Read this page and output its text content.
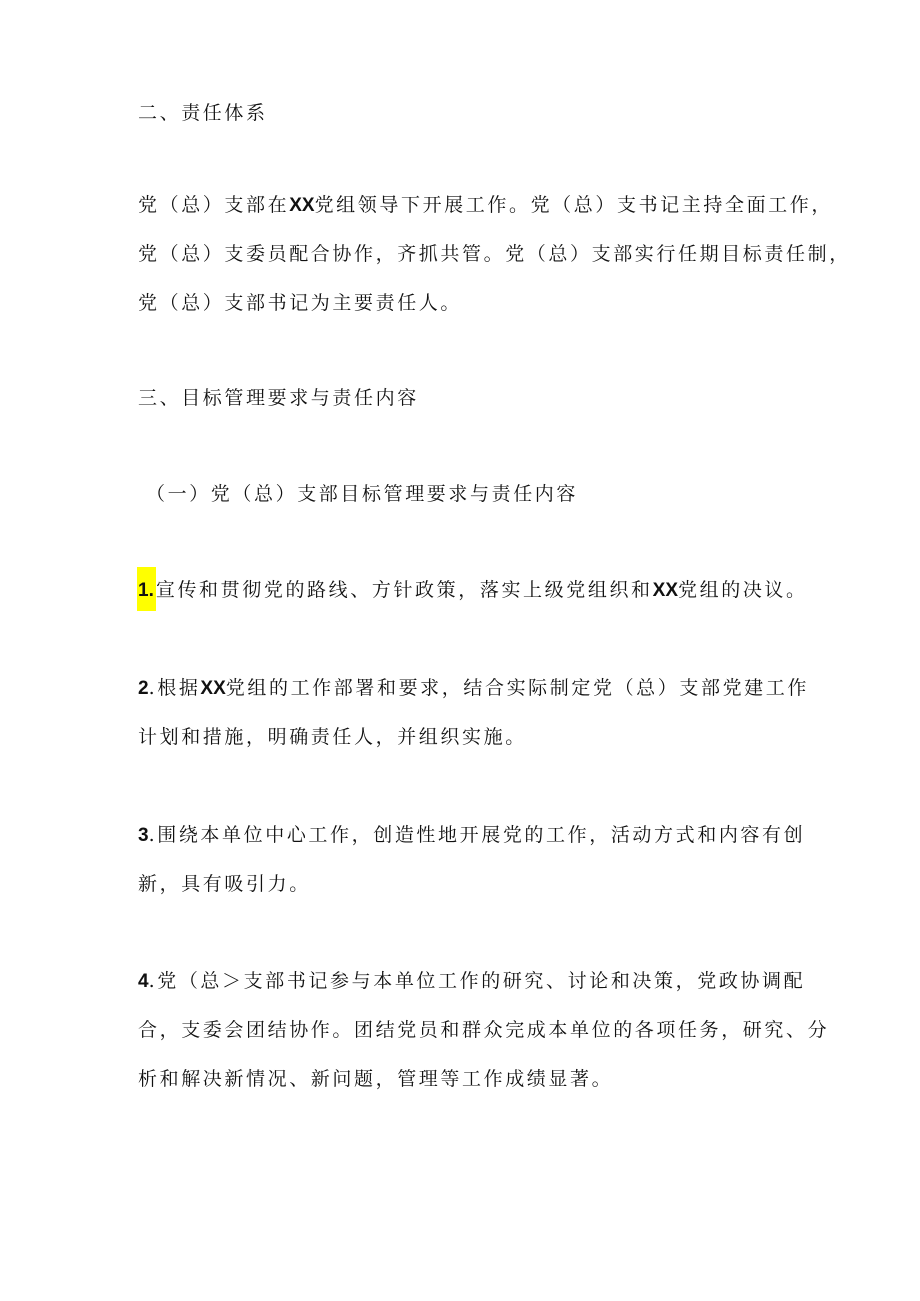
二、责任体系
党（总）支部在XX党组领导下开展工作。党（总）支书记主持全面工作，
党（总）支委员配合协作，齐抓共管。党（总）支部实行任期目标责任制，
党（总）支部书记为主要责任人。
三、目标管理要求与责任内容
（一）党（总）支部目标管理要求与责任内容
1. 宣传和贯彻党的路线、方针政策，落实上级党组织和XX党组的决议。
2.根据XX党组的工作部署和要求，结合实际制定党（总）支部党建工作
计划和措施，明确责任人，并组织实施。
3.围绕本单位中心工作，创造性地开展党的工作，活动方式和内容有创
新，具有吸引力。
4.党（总＞支部书记参与本单位工作的研究、讨论和决策，党政协调配
合，支委会团结协作。团结党员和群众完成本单位的各项任务，研究、分
析和解决新情况、新问题，管理等工作成绩显著。
